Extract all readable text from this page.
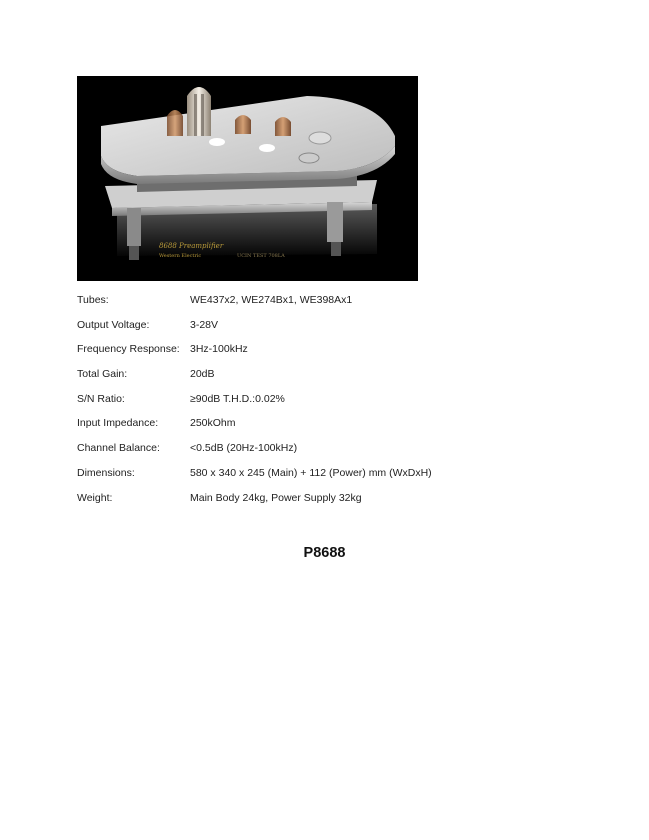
8688 Preamplifier
Western Electric	UCIN TEST 708LA
Tubes:	WE437x2, WE274Bx1, WE398Ax1
Output Voltage:	3-28V
Frequency Response: 3Hz-100kHz
Total Gain:	20dB
S/N Ratio:	≥90dB T.H.D.:0.02%
Input Impedance:	250kOhm
Channel Balance:	<0.5dB (20Hz-100kHz)
Dimensions:	580 x 340 x 245 (Main) + 112 (Power) mm (WxDxH)
Weight:	Main Body 24kg, Power Supply 32kg
P8688
